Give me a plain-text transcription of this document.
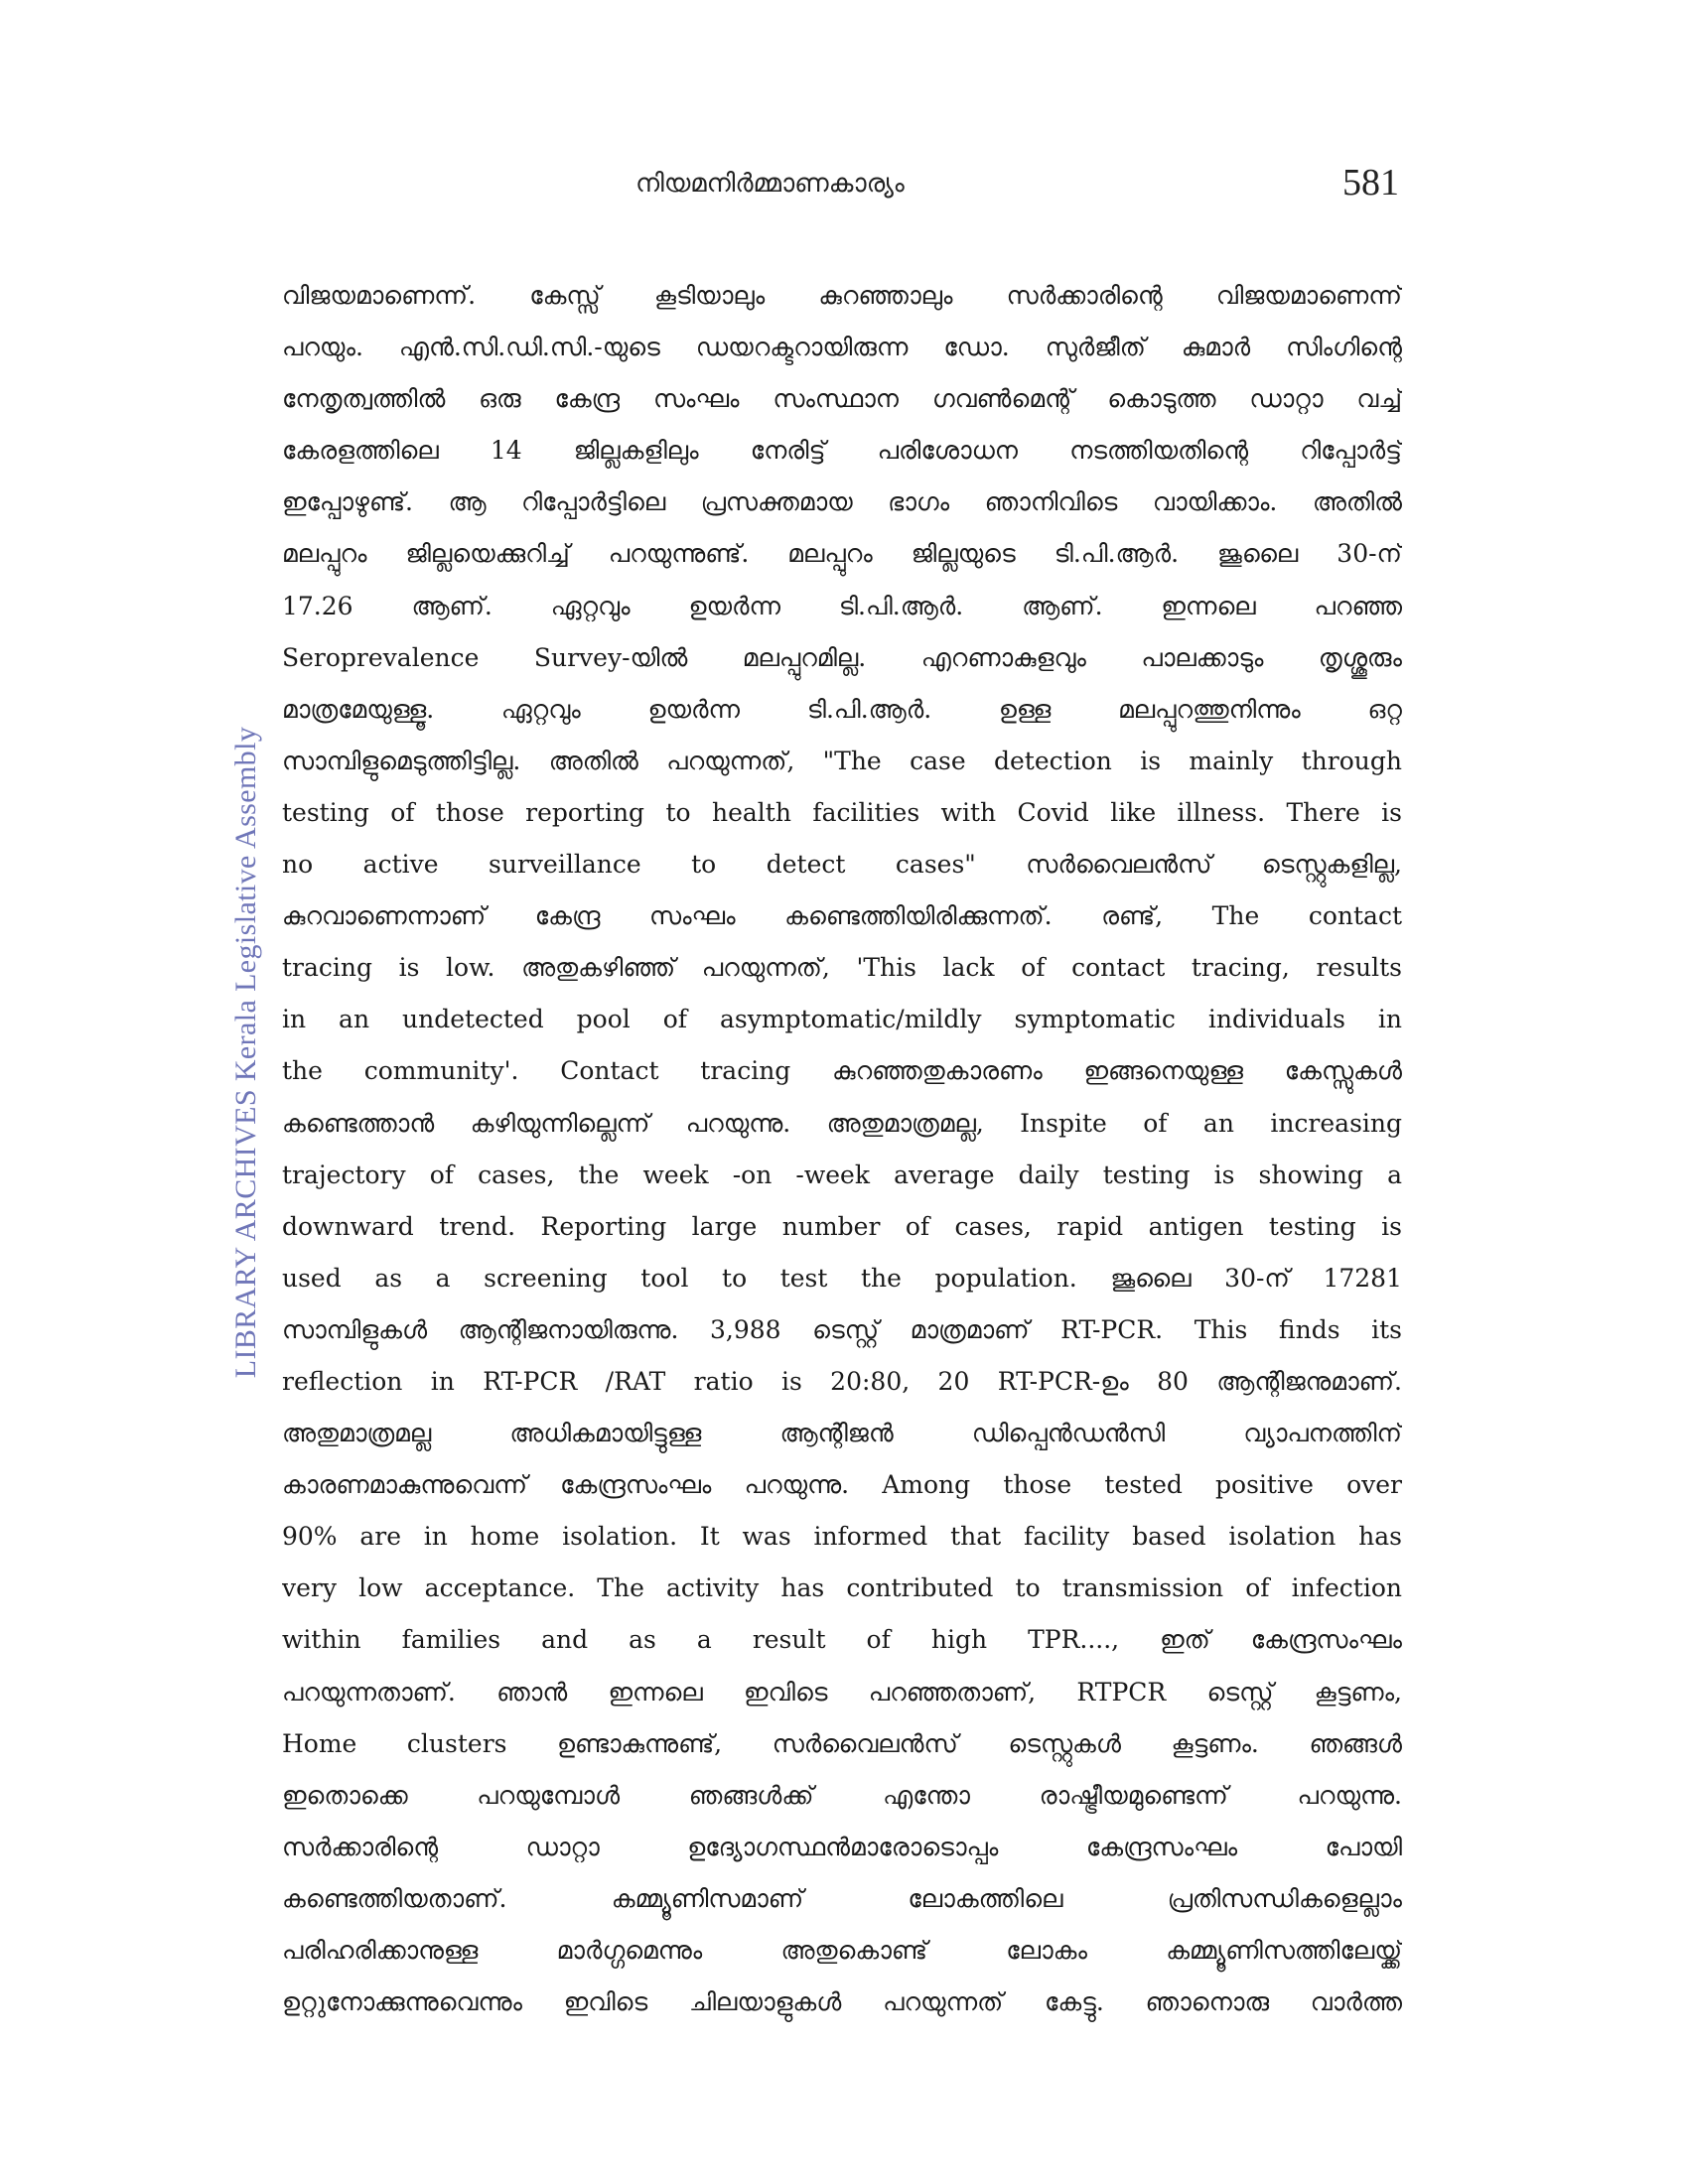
നിയമനിർമ്മാണകാര്യം	581
LIBRARY ARCHIVES Kerala Legislative Assembly
വിജയമാണെന്ന്. കേസ്സ് കൂടിയാലും കുറഞ്ഞാലും സർക്കാരിന്റെ വിജയമാണെന്ന്
പറയും. എൻ.സി.ഡി.സി.-യുടെ ഡയറക്ടറായിരുന്ന ഡോ. സുർജീത് കുമാർ സിംഗിന്റെ
നേതൃത്വത്തിൽ ഒരു കേന്ദ്ര സംഘം സംസ്ഥാന ഗവൺമെന്റ് കൊടുത്ത ഡാറ്റാ വച്ച്
കേരളത്തിലെ 14 ജില്ലകളിലും നേരിട്ട് പരിശോധന നടത്തിയതിന്റെ റിപ്പോർട്ട്
ഇപ്പോഴുണ്ട്. ആ റിപ്പോർട്ടിലെ പ്രസക്തമായ ഭാഗം ഞാനിവിടെ വായിക്കാം. അതിൽ
മലപ്പുറം ജില്ലയെക്കുറിച്ച് പറയുന്നുണ്ട്. മലപ്പുറം ജില്ലയുടെ ടി.പി.ആർ. ജൂലൈ 30-ന്
17.26 ആണ്. ഏറ്റവും ഉയർന്ന ടി.പി.ആർ. ആണ്. ഇന്നലെ പറഞ്ഞ
Seroprevalence Survey-യിൽ മലപ്പുറമില്ല. എറണാകുളവും പാലക്കാടും തൃശ്ശൂരും
മാത്രമേയുള്ളൂ. ഏറ്റവും ഉയർന്ന ടി.പി.ആർ. ഉള്ള മലപ്പുറത്തുനിന്നും ഒറ്റ
സാമ്പിളുമെടുത്തിട്ടില്ല. അതിൽ പറയുന്നത്, "The case detection is mainly through
testing of those reporting to health facilities with Covid like illness. There is
no active surveillance to detect cases" സർവൈലൻസ് ടെസ്റ്റുകളില്ല,
കുറവാണെന്നാണ് കേന്ദ്ര സംഘം കണ്ടെത്തിയിരിക്കുന്നത്. രണ്ട്, The contact
tracing is low. അതുകഴിഞ്ഞ് പറയുന്നത്, 'This lack of contact tracing, results
in an undetected pool of asymptomatic/mildly symptomatic individuals in
the community'. Contact tracing കുറഞ്ഞതുകാരണം ഇങ്ങനെയുള്ള കേസ്സുകൾ
കണ്ടെത്താൻ കഴിയുന്നില്ലെന്ന് പറയുന്നു. അതുമാത്രമല്ല, Inspite of an increasing
trajectory of cases, the week -on -week average daily testing is showing a
downward trend. Reporting large number of cases, rapid antigen testing is
used as a screening tool to test the population. ജൂലൈ 30-ന് 17281
സാമ്പിളുകൾ ആന്റിജനായിരുന്നു. 3,988 ടെസ്റ്റ് മാത്രമാണ് RT-PCR. This finds its
reflection in RT-PCR /RAT ratio is 20:80, 20 RT-PCR-ഉം 80 ആന്റിജനുമാണ്.
അതുമാത്രമല്ല അധികമായിട്ടുള്ള ആന്റിജൻ ഡിപ്പെൻഡൻസി വ്യാപനത്തിന്
കാരണമാകുന്നുവെന്ന് കേന്ദ്രസംഘം പറയുന്നു. Among those tested positive over
90% are in home isolation. It was informed that facility based isolation has
very low acceptance. The activity has contributed to transmission of infection
within families and as a result of high TPR...., ഇത് കേന്ദ്രസംഘം
പറയുന്നതാണ്. ഞാൻ ഇന്നലെ ഇവിടെ പറഞ്ഞതാണ്, RTPCR ടെസ്റ്റ് കൂട്ടണം,
Home clusters ഉണ്ടാകുന്നുണ്ട്, സർവൈലൻസ് ടെസ്റ്റുകൾ കൂട്ടണം. ഞങ്ങൾ
ഇതൊക്കെ പറയുമ്പോൾ ഞങ്ങൾക്ക് എന്തോ രാഷ്ട്രീയമുണ്ടെന്ന് പറയുന്നു.
സർക്കാരിന്റെ ഡാറ്റാ ഉദ്യോഗസ്ഥൻമാരോടൊപ്പം കേന്ദ്രസംഘം പോയി
കണ്ടെത്തിയതാണ്. കമ്മ്യൂണിസമാണ് ലോകത്തിലെ പ്രതിസന്ധികളെല്ലാം
പരിഹരിക്കാനുള്ള മാർഗ്ഗമെന്നും അതുകൊണ്ട് ലോകം കമ്മ്യൂണിസത്തിലേയ്ക്ക്
ഉറ്റുനോക്കുന്നുവെന്നും ഇവിടെ ചിലയാളുകൾ പറയുന്നത് കേട്ടു. ഞാനൊരു വാർത്ത
